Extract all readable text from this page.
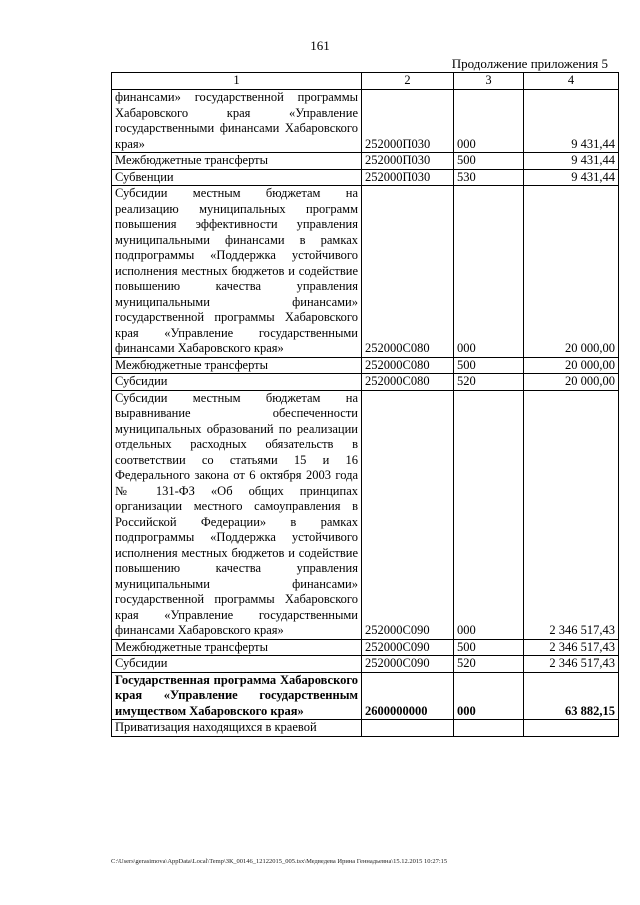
161
Продолжение приложения 5
1	2	3	4
финансами» государственной программы Хабаровского края «Управление государственными финансами Хабаровского края»	252000П030	000	9 431,44
Межбюджетные трансферты	252000П030	500	9 431,44
Субвенции	252000П030	530	9 431,44
Субсидии местным бюджетам на реализацию муниципальных программ повышения эффективности управления муниципальными финансами в рамках подпрограммы «Поддержка устойчивого исполнения местных бюджетов и содействие повышению качества управления муниципальными финансами» государственной программы Хабаровского края «Управление государственными финансами Хабаровского края»	252000С080	000	20 000,00
Межбюджетные трансферты	252000С080	500	20 000,00
Субсидии	252000С080	520	20 000,00
Субсидии местным бюджетам на выравнивание обеспеченности муниципальных образований по реализации отдельных расходных обязательств в соответствии со статьями 15 и 16 Федерального закона от 6 октября 2003 года № 131-ФЗ «Об общих принципах организации местного самоуправления в Российской Федерации» в рамках подпрограммы «Поддержка устойчивого исполнения местных бюджетов и содействие повышению качества управления муниципальными финансами» государственной программы Хабаровского края «Управление государственными финансами Хабаровского края»	252000С090	000	2 346 517,43
Межбюджетные трансферты	252000С090	500	2 346 517,43
Субсидии	252000С090	520	2 346 517,43
Государственная программа Хабаровского края «Управление государственным имуществом Хабаровского края»	2600000000	000	63 882,15
Приватизация находящихся в краевой			
C:\Users\gerasimova\AppData\Local\Temp\ЗК_00146_12122015_005.tsx\Медведева Ирина Геннадьевна\15.12.2015 10:27:15
